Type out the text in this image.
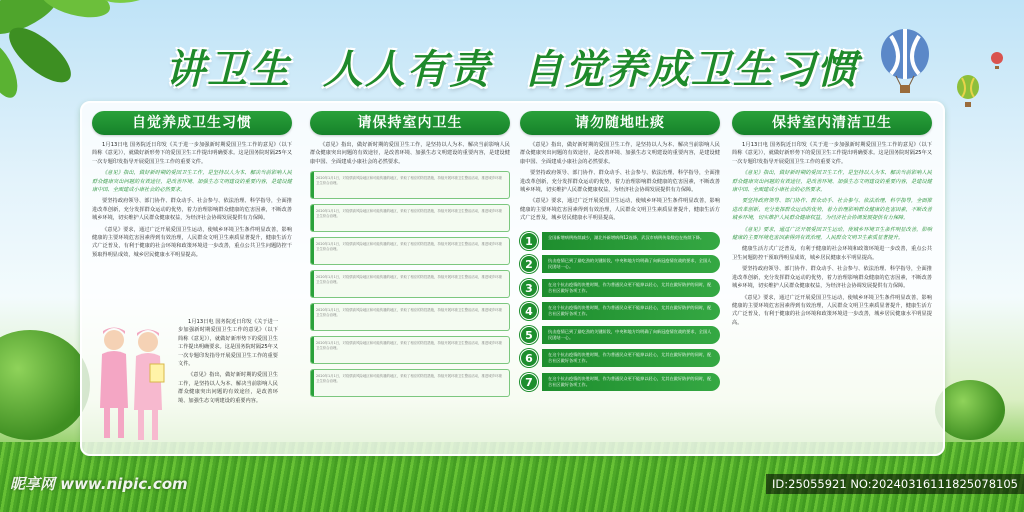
讲卫生  人人有责  自觉养成卫生习惯
自觉养成卫生习惯

1月13日电 国务院近日印发《关于进一步加强新时期爱国卫生工作的意见》（以下简称《意见》），就做好新形势下的爱国卫生工作提出明确要求。这是国务院时隔25年又一次专题印发指导开展爱国卫生工作的重要文件。

《意见》指出，做好新时期的爱国卫生工作，是坚持以人为本、解决当前影响人民群众健康突出问题的有效途径，是改善环境、加强生态文明建设的重要内容，是建设健康中国、全面建成小康社会的必然要求。

要坚持政府领导、部门协作、群众动手、社会参与、依法治理、科学指导，全面推进改革创新，充分发挥群众运动的优势，着力治理影响群众健康的危害因素，不断改善城乡环境，切实维护人民群众健康权益，为经济社会协调发展提供有力保障。

《意见》要求，通过广泛开展爱国卫生运动，使城乡环境卫生条件明显改善，影响健康的主要环境危害因素得到有效治理，人民群众文明卫生素质显著提升，健康生活方式广泛普及，有利于健康的社会环境和政策环境进一步改善，重点公共卫生问题防控干预取得明显成效，城乡居民健康水平明显提高。

1月13日电 国务院近日印发《关于进一步加强新时期爱国卫生工作的意见》（以下简称《意见》），就做好新形势下的爱国卫生工作提出明确要求。这是国务院时隔25年又一次专题印发指导开展爱国卫生工作的重要文件。

《意见》指出，做好新时期的爱国卫生工作，是坚持以人为本、解决当前影响人民群众健康突出问题的有效途径，是改善环境、加强生态文明建设的重要内容。

请保持室内卫生

《意见》指出，做好新时期的爱国卫生工作，是坚持以人为本、解决当前影响人民群众健康突出问题的有效途径，是改善环境、加强生态文明建设的重要内容，是建设健康中国、全面建成小康社会的必然要求。

2020年1月1日，对疫情高风险地区和可能传播的地区，采取了相应的防控措施，持续开展环境卫生整治活动，推进城乡环境卫生综合治理。
2020年1月1日，对疫情高风险地区和可能传播的地区，采取了相应的防控措施，持续开展环境卫生整治活动，推进城乡环境卫生综合治理。
2020年1月1日，对疫情高风险地区和可能传播的地区，采取了相应的防控措施，持续开展环境卫生整治活动，推进城乡环境卫生综合治理。
2020年1月1日，对疫情高风险地区和可能传播的地区，采取了相应的防控措施，持续开展环境卫生整治活动，推进城乡环境卫生综合治理。
2020年1月1日，对疫情高风险地区和可能传播的地区，采取了相应的防控措施，持续开展环境卫生整治活动，推进城乡环境卫生综合治理。
2020年1月1日，对疫情高风险地区和可能传播的地区，采取了相应的防控措施，持续开展环境卫生整治活动，推进城乡环境卫生综合治理。
2020年1月1日，对疫情高风险地区和可能传播的地区，采取了相应的防控措施，持续开展环境卫生整治活动，推进城乡环境卫生综合治理。
请勿随地吐痰

《意见》指出，做好新时期的爱国卫生工作，是坚持以人为本、解决当前影响人民群众健康突出问题的有效途径，是改善环境、加强生态文明建设的重要内容，是建设健康中国、全面建成小康社会的必然要求。

要坚持政府领导、部门协作、群众动手、社会参与、依法治理、科学指导，全面推进改革创新，充分发挥群众运动的优势，着力治理影响群众健康的危害因素，不断改善城乡环境，切实维护人民群众健康权益，为经济社会协调发展提供有力保障。

《意见》要求，通过广泛开展爱国卫生运动，使城乡环境卫生条件明显改善，影响健康的主要环境危害因素得到有效治理，人民群众文明卫生素质显著提升，健康生活方式广泛普及，城乡居民健康水平明显提高。

1	全国新增病例持续减少，湖北外新增病例12连降，武汉市病例传染数也在持续下降。
2	抗击疫情已到了最吃劲的关键阶段，中央和地方均明确了向新冠疫情宣战的要求，全国人民团结一心。
3	在这个抗击疫情的决胜时期，作为普通民众更不能掉以轻心，尤其在做好防护的同时，配合社区做好各项工作。
4	在这个抗击疫情的决胜时期，作为普通民众更不能掉以轻心，尤其在做好防护的同时，配合社区做好各项工作。
5	抗击疫情已到了最吃劲的关键阶段，中央和地方均明确了向新冠疫情宣战的要求，全国人民团结一心。
6	在这个抗击疫情的决胜时期，作为普通民众更不能掉以轻心，尤其在做好防护的同时，配合社区做好各项工作。
7	在这个抗击疫情的决胜时期，作为普通民众更不能掉以轻心，尤其在做好防护的同时，配合社区做好各项工作。
保持室内清洁卫生

1月13日电 国务院近日印发《关于进一步加强新时期爱国卫生工作的意见》（以下简称《意见》），就做好新形势下的爱国卫生工作提出明确要求。这是国务院时隔25年又一次专题印发指导开展爱国卫生工作的重要文件。

《意见》指出，做好新时期的爱国卫生工作，是坚持以人为本、解决当前影响人民群众健康突出问题的有效途径，是改善环境、加强生态文明建设的重要内容，是建设健康中国、全面建成小康社会的必然要求。

要坚持政府领导、部门协作、群众动手、社会参与、依法治理、科学指导，全面推进改革创新，充分发挥群众运动的优势，着力治理影响群众健康的危害因素，不断改善城乡环境，切实维护人民群众健康权益，为经济社会协调发展提供有力保障。

《意见》要求，通过广泛开展爱国卫生运动，使城乡环境卫生条件明显改善，影响健康的主要环境危害因素得到有效治理，人民群众文明卫生素质显著提升。

健康生活方式广泛普及，有利于健康的社会环境和政策环境进一步改善，重点公共卫生问题防控干预取得明显成效，城乡居民健康水平明显提高。

要坚持政府领导、部门协作、群众动手、社会参与、依法治理、科学指导，全面推进改革创新，充分发挥群众运动的优势，着力治理影响群众健康的危害因素，不断改善城乡环境，切实维护人民群众健康权益，为经济社会协调发展提供有力保障。

《意见》要求，通过广泛开展爱国卫生运动，使城乡环境卫生条件明显改善，影响健康的主要环境危害因素得到有效治理，人民群众文明卫生素质显著提升，健康生活方式广泛普及，有利于健康的社会环境和政策环境进一步改善，城乡居民健康水平明显提高。

昵享网 www.nipic.com	ID:25055921 NO:20240316111825078105
